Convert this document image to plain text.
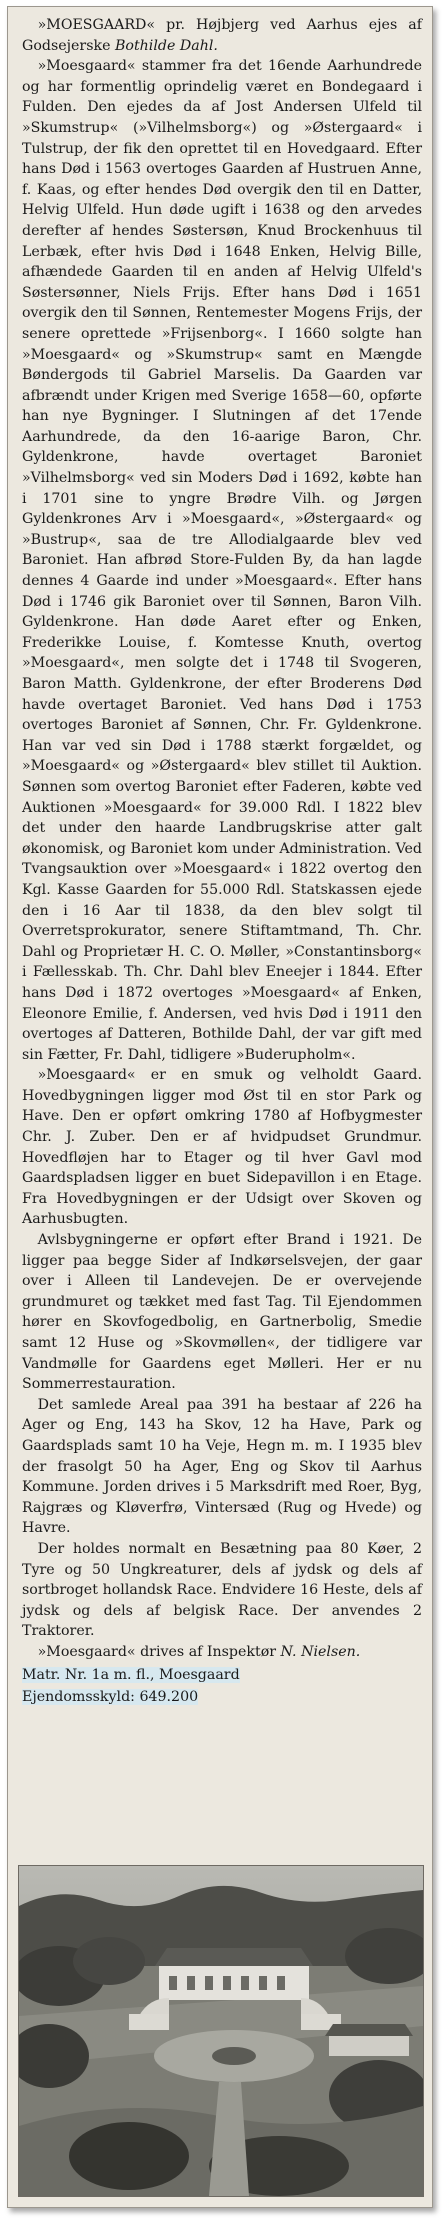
»MOESGAARD« pr. Højbjerg ved Aarhus ejes af Godsejerske Bothilde Dahl.

»Moesgaard« stammer fra det 16ende Aarhundrede og har formentlig oprindelig været en Bondegaard i Fulden. Den ejedes da af Jost Andersen Ulfeld til »Skumstrup« (»Vilhelmsborg«) og »Østergaard« i Tulstrup, der fik den oprettet til en Hovedgaard. Efter hans Død i 1563 overtoges Gaarden af Hustruen Anne, f. Kaas, og efter hendes Død overgik den til en Datter, Helvig Ulfeld. Hun døde ugift i 1638 og den arvedes derefter af hendes Søstersøn, Knud Brockenhuus til Lerbæk, efter hvis Død i 1648 Enken, Helvig Bille, afhændede Gaarden til en anden af Helvig Ulfeld's Søstersønner, Niels Frijs. Efter hans Død i 1651 overgik den til Sønnen, Rentemester Mogens Frijs, der senere oprettede »Frijsenborg«. I 1660 solgte han »Moesgaard« og »Skumstrup« samt en Mængde Bøndergods til Gabriel Marselis. Da Gaarden var afbrændt under Krigen med Sverige 1658—60, opførte han nye Bygninger. I Slutningen af det 17ende Aarhundrede, da den 16-aarige Baron, Chr. Gyldenkrone, havde overtaget Baroniet »Vilhelmsborg« ved sin Moders Død i 1692, købte han i 1701 sine to yngre Brødre Vilh. og Jørgen Gyldenkrones Arv i »Moesgaard«, »Østergaard« og »Bustrup«, saa de tre Allodialgaarde blev ved Baroniet. Han afbrød Store-Fulden By, da han lagde dennes 4 Gaarde ind under »Moesgaard«. Efter hans Død i 1746 gik Baroniet over til Sønnen, Baron Vilh. Gyldenkrone. Han døde Aaret efter og Enken, Frederikke Louise, f. Komtesse Knuth, overtog »Moesgaard«, men solgte det i 1748 til Svogeren, Baron Matth. Gyldenkrone, der efter Broderens Død havde overtaget Baroniet. Ved hans Død i 1753 overtoges Baroniet af Sønnen, Chr. Fr. Gyldenkrone. Han var ved sin Død i 1788 stærkt forgældet, og »Moesgaard« og »Østergaard« blev stillet til Auktion. Sønnen som overtog Baroniet efter Faderen, købte ved Auktionen »Moesgaard« for 39.000 Rdl. I 1822 blev det under den haarde Landbrugskrise atter galt økonomisk, og Baroniet kom under Administration. Ved Tvangsauktion over »Moesgaard« i 1822 overtog den Kgl. Kasse Gaarden for 55.000 Rdl. Statskassen ejede den i 16 Aar til 1838, da den blev solgt til Overretsprokurator, senere Stiftamtmand, Th. Chr. Dahl og Proprietær H. C. O. Møller, »Constantinsborg« i Fællesskab. Th. Chr. Dahl blev Eneejer i 1844. Efter hans Død i 1872 overtoges »Moesgaard« af Enken, Eleonore Emilie, f. Andersen, ved hvis Død i 1911 den overtoges af Datteren, Bothilde Dahl, der var gift med sin Fætter, Fr. Dahl, tidligere »Buderupholm«.

»Moesgaard« er en smuk og velholdt Gaard. Hovedbygningen ligger mod Øst til en stor Park og Have. Den er opført omkring 1780 af Hofbygmester Chr. J. Zuber. Den er af hvidpudset Grundmur. Hovedfløjen har to Etager og til hver Gavl mod Gaardspladsen ligger en buet Sidepavillon i en Etage. Fra Hovedbygningen er der Udsigt over Skoven og Aarhusbugten.

Avlsbygningerne er opført efter Brand i 1921. De ligger paa begge Sider af Indkørselsvejen, der gaar over i Alleen til Landevejen. De er overvejende grundmuret og tækket med fast Tag. Til Ejendommen hører en Skovfogedbolig, en Gartnerbolig, Smedie samt 12 Huse og »Skovmøllen«, der tidligere var Vandmølle for Gaardens eget Mølleri. Her er nu Sommerrestauration.

Det samlede Areal paa 391 ha bestaar af 226 ha Ager og Eng, 143 ha Skov, 12 ha Have, Park og Gaardsplads samt 10 ha Veje, Hegn m. m. I 1935 blev der frasolgt 50 ha Ager, Eng og Skov til Aarhus Kommune. Jorden drives i 5 Marksdrift med Roer, Byg, Rajgræs og Kløverfrø, Vintersæd (Rug og Hvede) og Havre.

Der holdes normalt en Besætning paa 80 Køer, 2 Tyre og 50 Ungkreaturer, dels af jydsk og dels af sortbroget hollandsk Race. Endvidere 16 Heste, dels af jydsk og dels af belgisk Race. Der anvendes 2 Traktorer.

»Moesgaard« drives af Inspektør N. Nielsen.

Matr. Nr. 1a m. fl., Moesgaard

Ejendomsskyld: 649.200
